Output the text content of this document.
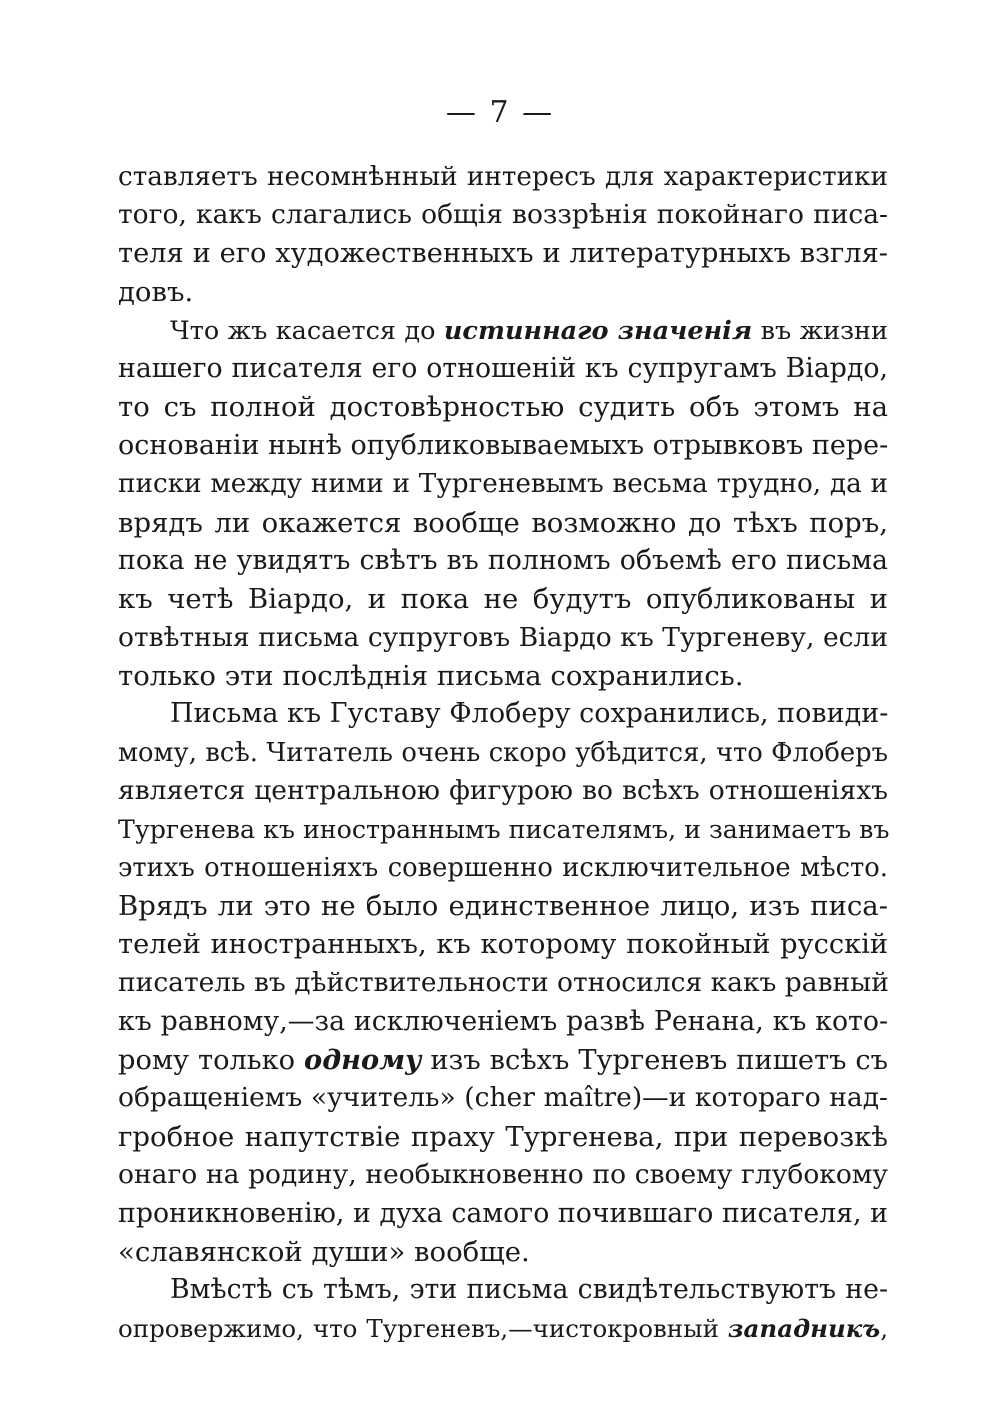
— 7 —
ставляетъ несомнѣнный интересъ для характеристики
того, какъ слагались общія воззрѣнія покойнаго писа-
теля и его художественныхъ и литературныхъ взгля-
довъ.
Что жъ касается до истиннаго значенія въ жизни
нашего писателя его отношеній къ супругамъ Віардо,
то съ полной достовѣрностью судить объ этомъ на
основаніи нынѣ опубликовываемыхъ отрывковъ пере-
писки между ними и Тургеневымъ весьма трудно, да и
врядъ ли окажется вообще возможно до тѣхъ поръ,
пока не увидятъ свѣтъ въ полномъ объемѣ его письма
къ четѣ Віардо, и пока не будутъ опубликованы и
отвѣтныя письма супруговъ Віардо къ Тургеневу, если
только эти послѣднія письма сохранились.
Письма къ Густаву Флоберу сохранились, повиди-
мому, всѣ. Читатель очень скоро убѣдится, что Флоберъ
является центральною фигурою во всѣхъ отношеніяхъ
Тургенева къ иностраннымъ писателямъ, и занимаетъ въ
этихъ отношеніяхъ совершенно исключительное мѣсто.
Врядъ ли это не было единственное лицо, изъ писа-
телей иностранныхъ, къ которому покойный русскій
писатель въ дѣйствительности относился какъ равный
къ равному,—за исключеніемъ развѣ Ренана, къ кото-
рому только одному изъ всѣхъ Тургеневъ пишетъ съ
обращеніемъ «учитель» (cher maître)—и котораго над-
гробное напутствіе праху Тургенева, при перевозкѣ
онаго на родину, необыкновенно по своему глубокому
проникновенію, и духа самого почившаго писателя, и
«славянской души» вообще.
Вмѣстѣ съ тѣмъ, эти письма свидѣтельствуютъ не-
опровержимо, что Тургеневъ,—чистокровный западникъ,
